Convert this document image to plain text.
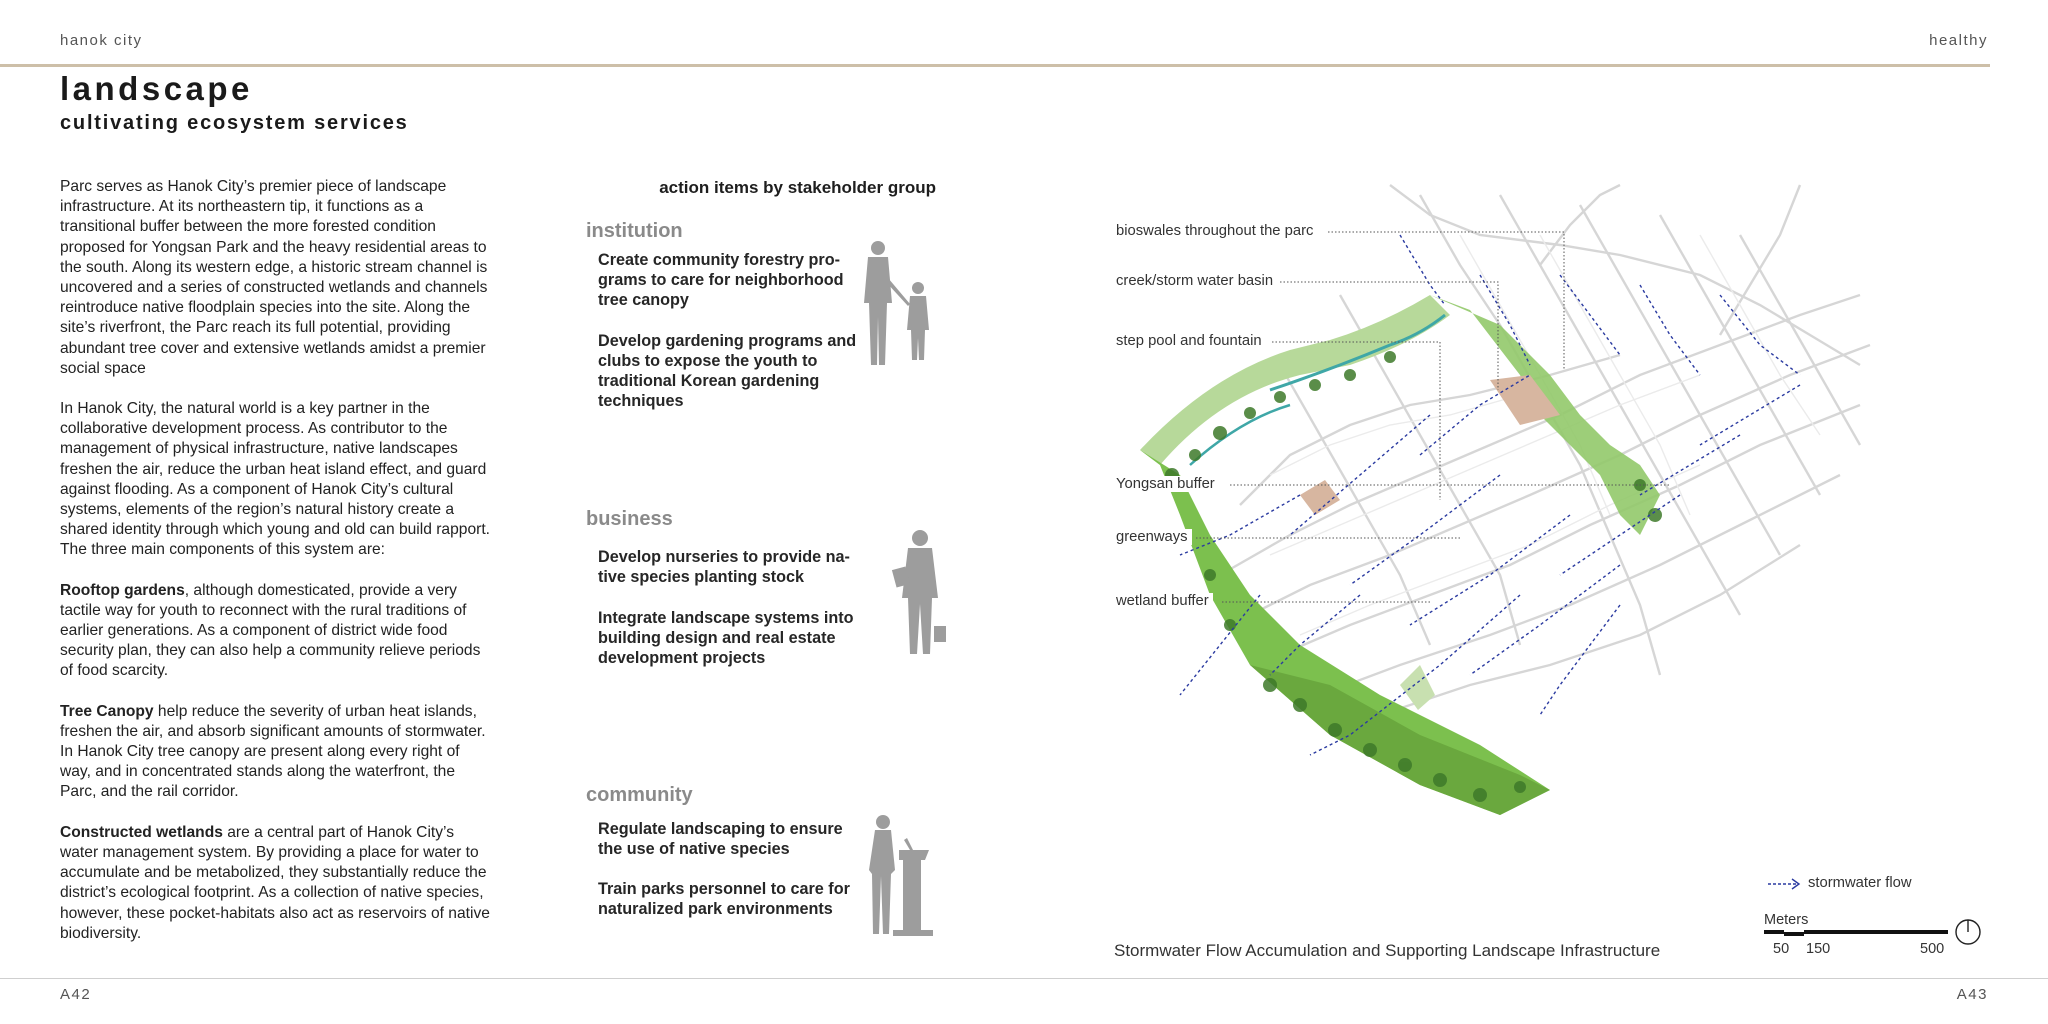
hanok city	healthy
A42	A43
landscape
cultivating ecosystem services

Parc serves as Hanok City’s premier piece of landscape infrastructure. At its northeastern tip, it functions as a transitional buffer between the more forested condition proposed for Yongsan Park and the heavy residential areas to the south. Along its western edge, a historic stream channel is uncovered and a series of constructed wetlands and channels reintroduce native floodplain species into the site. Along the site’s riverfront, the Parc reach its full potential, providing abundant tree cover and extensive wetlands amidst a premier social space

In Hanok City, the natural world is a key partner in the collaborative development process. As contributor to the management of physical infrastructure, native landscapes freshen the air, reduce the urban heat island effect, and guard against flooding. As a component of Hanok City’s cultural systems, elements of the region’s natural history create a shared identity through which young and old can build rapport. The three main components of this system are:

Rooftop gardens, although domesticated, provide a very tactile way for youth to reconnect with the rural traditions of earlier generations. As a component of district wide food security plan, they can also help a community relieve periods of food scarcity.

Tree Canopy help reduce the severity of urban heat islands, freshen the air, and absorb significant amounts of stormwater. In Hanok City tree canopy are present along every right of way, and in concentrated stands along the waterfront, the Parc, and the rail corridor.

Constructed wetlands are a central part of Hanok City’s water management system. By providing a place for water to accumulate and be metabolized, they substantially reduce the district’s ecological footprint. As a collection of native species, however, these pocket-habitats also act as reservoirs of native biodiversity.

action items by stakeholder group
institution
Create community forestry pro-grams to care for neighborhood tree canopy
Develop gardening programs and clubs to expose the youth to traditional Korean gardening techniques
business
Develop nurseries to provide na-tive species planting stock
Integrate landscape systems into building design and real estate development projects
community
Regulate landscaping to ensure the use of native species
Train parks personnel to care for naturalized park environments
bioswales throughout the parc
creek/storm water basin
step pool and fountain
Yongsan buffer
greenways
wetland buffer
stormwater flow
Meters
50 150	500
Stormwater Flow Accumulation and Supporting Landscape Infrastructure
